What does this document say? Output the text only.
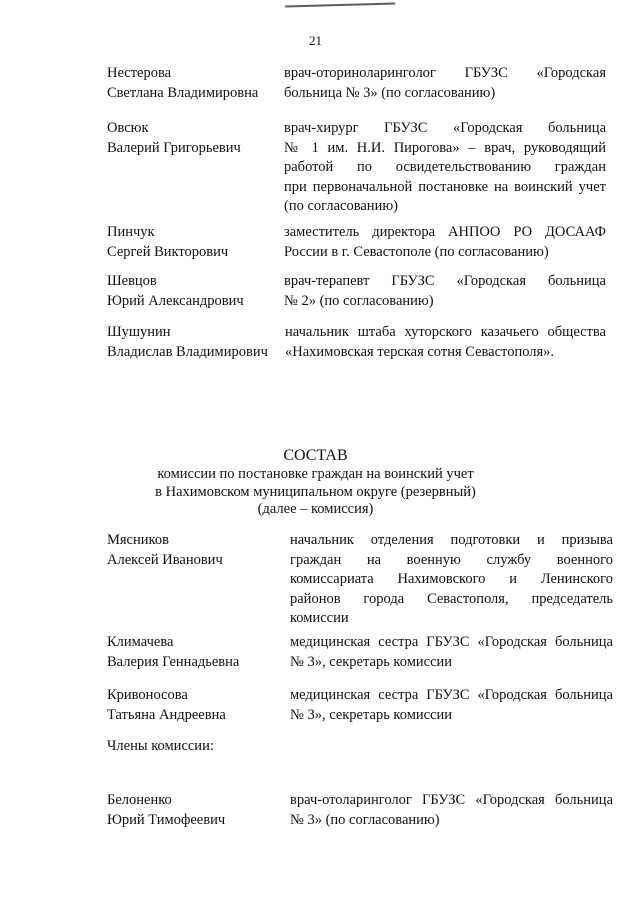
21
Нестерова
Светлана Владимировна
врач-оториноларинголог ГБУЗС «Городская
больница № 3» (по согласованию)
Овсюк
Валерий Григорьевич
врач-хирург ГБУЗС «Городская больница
№ 1 им. Н.И. Пирогова» – врач, руководящий
работой по освидетельствованию граждан
при первоначальной постановке на воинский учет
(по согласованию)
Пинчук
Сергей Викторович
заместитель директора АНПОО РО ДОСААФ
России в г. Севастополе (по согласованию)
Шевцов
Юрий Александрович
врач-терапевт ГБУЗС «Городская больница
№ 2» (по согласованию)
Шушунин
Владислав Владимирович
начальник штаба хуторского казачьего общества
«Нахимовская терская сотня Севастополя».
СОСТАВ
комиссии по постановке граждан на воинский учет
в Нахимовском муниципальном округе (резервный)
(далее – комиссия)
Мясников
Алексей Иванович
начальник отделения подготовки и призыва
граждан на военную службу военного
комиссариата Нахимовского и Ленинского
районов города Севастополя, председатель
комиссии
Климачева
Валерия Геннадьевна
медицинская сестра ГБУЗС «Городская больница
№ 3», секретарь комиссии
Кривоносова
Татьяна Андреевна
медицинская сестра ГБУЗС «Городская больница
№ 3», секретарь комиссии
Члены комиссии:
Белоненко
Юрий Тимофеевич
врач-отоларинголог ГБУЗС «Городская больница
№ 3» (по согласованию)
